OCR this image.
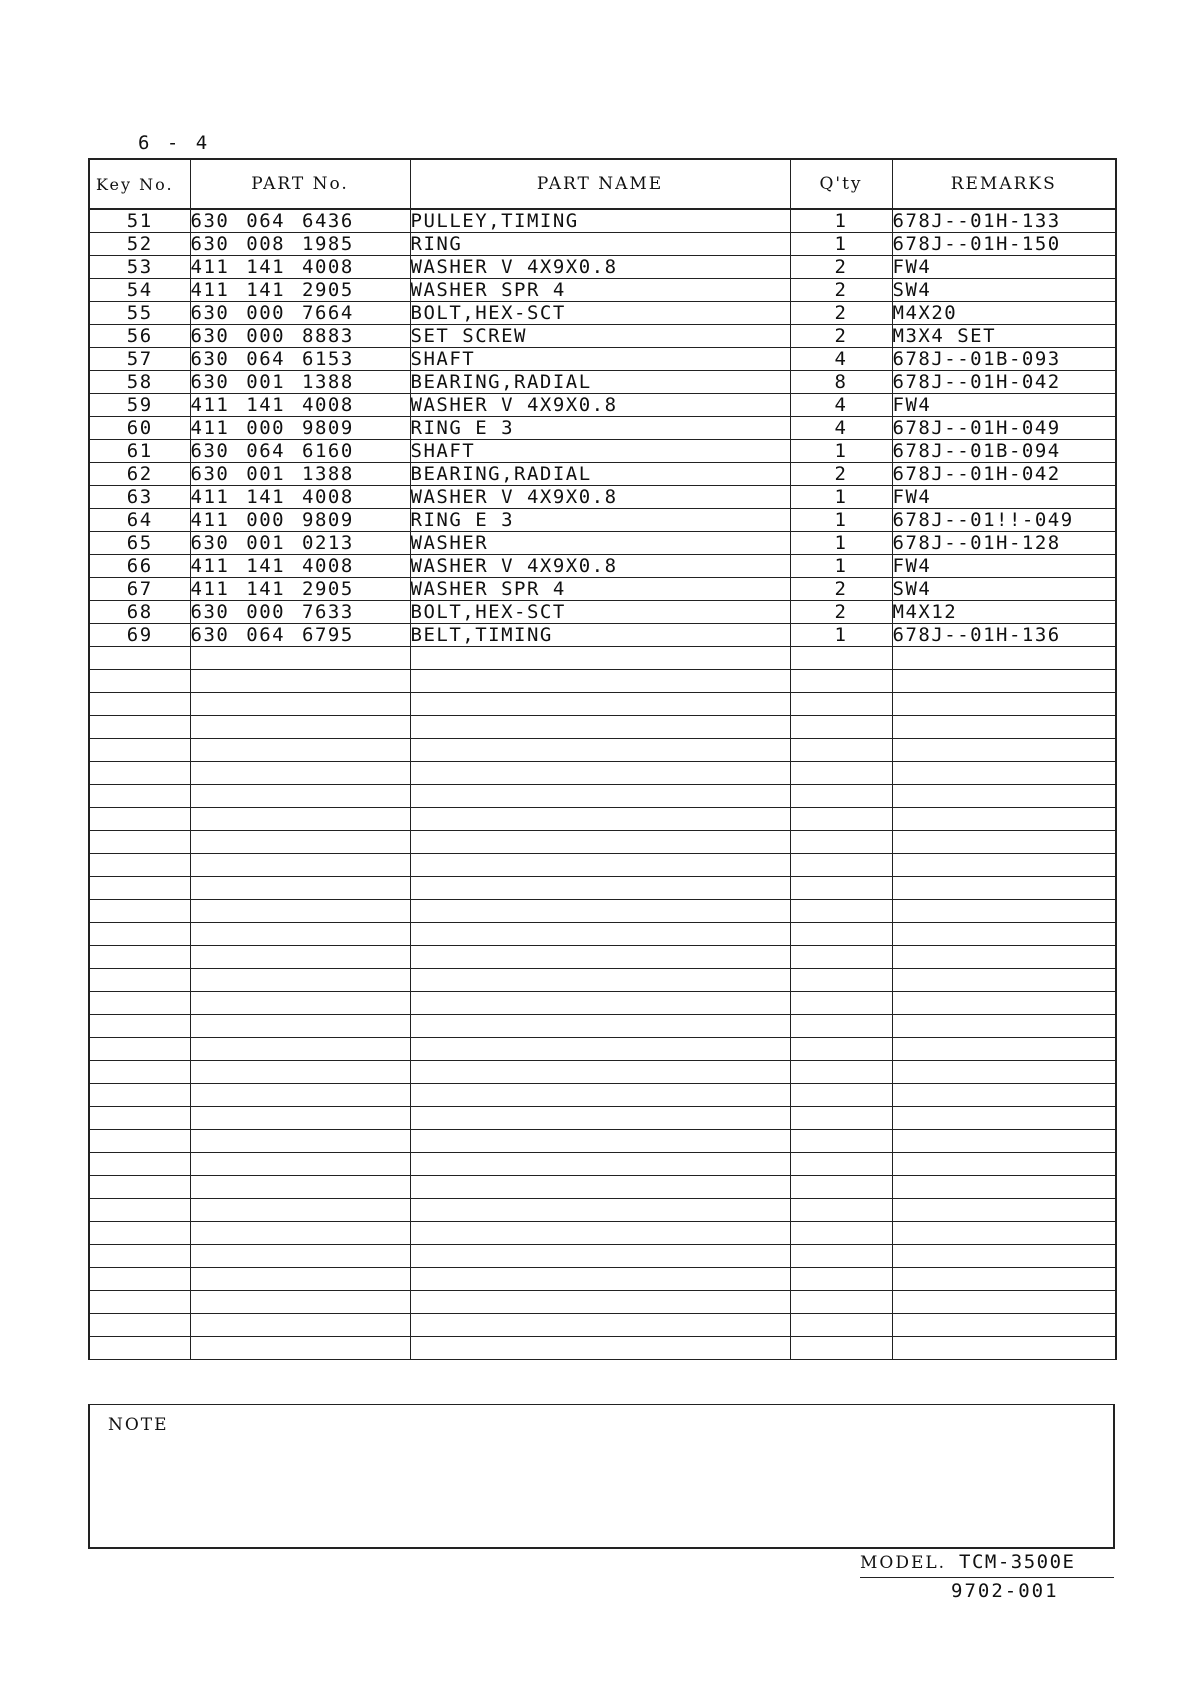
6 - 4
Key No.	PART No.	PART NAME	Q'ty	REMARKS
51	630 064 6436	PULLEY,TIMING	1	678J--01H-133
52	630 008 1985	RING	1	678J--01H-150
53	411 141 4008	WASHER V 4X9X0.8	2	FW4
54	411 141 2905	WASHER SPR 4	2	SW4
55	630 000 7664	BOLT,HEX-SCT	2	M4X20
56	630 000 8883	SET SCREW	2	M3X4 SET
57	630 064 6153	SHAFT	4	678J--01B-093
58	630 001 1388	BEARING,RADIAL	8	678J--01H-042
59	411 141 4008	WASHER V 4X9X0.8	4	FW4
60	411 000 9809	RING E 3	4	678J--01H-049
61	630 064 6160	SHAFT	1	678J--01B-094
62	630 001 1388	BEARING,RADIAL	2	678J--01H-042
63	411 141 4008	WASHER V 4X9X0.8	1	FW4
64	411 000 9809	RING E 3	1	678J--01!!-049
65	630 001 0213	WASHER	1	678J--01H-128
66	411 141 4008	WASHER V 4X9X0.8	1	FW4
67	411 141 2905	WASHER SPR 4	2	SW4
68	630 000 7633	BOLT,HEX-SCT	2	M4X12
69	630 064 6795	BELT,TIMING	1	678J--01H-136

NOTE
MODEL. TCM-3500E
9702-001
